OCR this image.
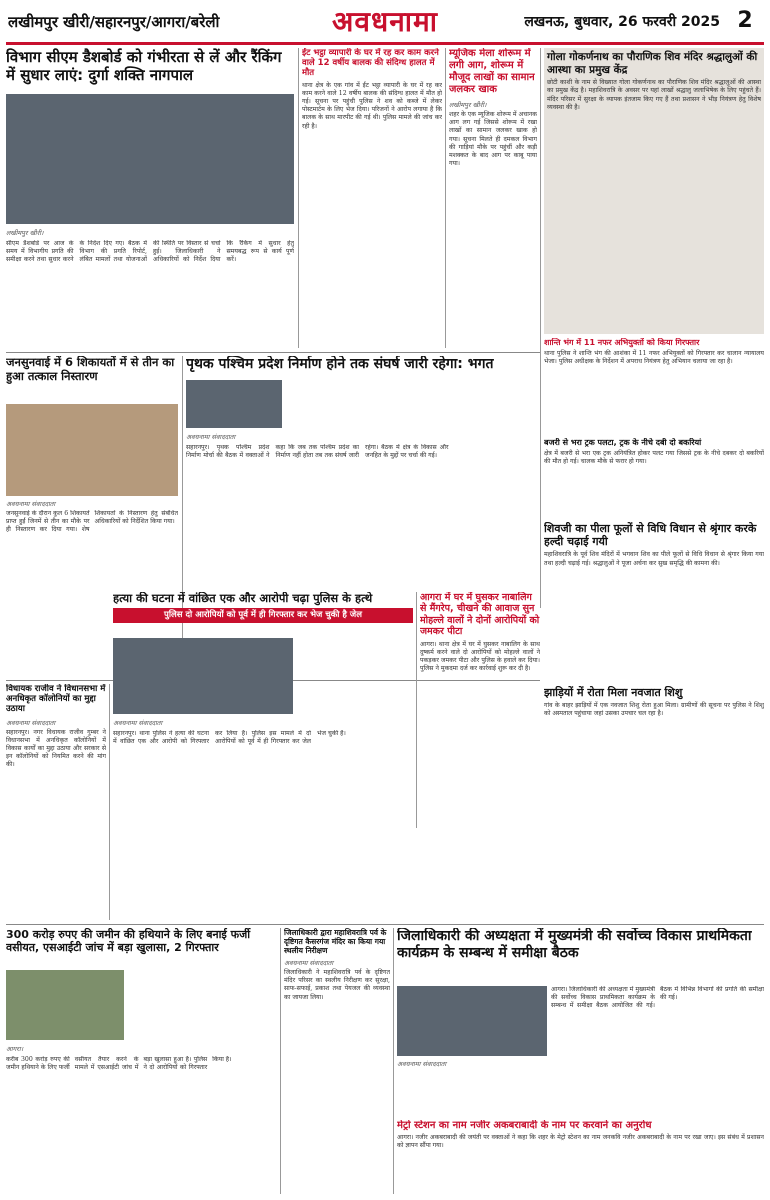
लखीमपुर खीरी/सहारनपुर/आगरा/बरेली	अवधनामा	लखनऊ, बुधवार, 26 फरवरी 2025 2
विभाग सीएम डैशबोर्ड को गंभीरता से लें और रैंकिंग में सुधार लाएं: दुर्गा शक्ति नागपाल
लखीमपुर खीरी।
सीएम डैशबोर्ड पर आज के समय में विभागीय प्रगति की समीक्षा करने तथा सुधार करने के निर्देश दिए गए। बैठक में विभाग की प्रगति रिपोर्ट, लंबित मामलों तथा योजनाओं की स्थिति पर विस्तार से चर्चा हुई। जिलाधिकारी ने अधिकारियों को निर्देश दिया कि रैंकिंग में सुधार हेतु समयबद्ध रूप से कार्य पूर्ण करें।
ईंट भट्ठा व्यापारी के घर में रह कर काम करने वाले 12 वर्षीय बालक की संदिग्ध हालत में मौत
थाना क्षेत्र के एक गांव में ईंट भट्ठा व्यापारी के घर में रह कर काम करने वाले 12 वर्षीय बालक की संदिग्ध हालत में मौत हो गई। सूचना पर पहुंची पुलिस ने शव को कब्जे में लेकर पोस्टमार्टम के लिए भेज दिया। परिजनों ने आरोप लगाया है कि बालक के साथ मारपीट की गई थी। पुलिस मामले की जांच कर रही है।
म्यूजिक मेला शोरूम में लगी आग, शोरूम में मौजूद लाखों का सामान जलकर खाक
लखीमपुर खीरी।
शहर के एक म्यूजिक शोरूम में अचानक आग लग गई जिससे शोरूम में रखा लाखों का सामान जलकर खाक हो गया। सूचना मिलते ही दमकल विभाग की गाड़ियां मौके पर पहुंचीं और कड़ी मशक्कत के बाद आग पर काबू पाया गया।
गोला गोकर्णनाथ का पौराणिक शिव मंदिर श्रद्धालुओं की आस्था का प्रमुख केंद्र
छोटी काशी के नाम से विख्यात गोला गोकर्णनाथ का पौराणिक शिव मंदिर श्रद्धालुओं की आस्था का प्रमुख केंद्र है। महाशिवरात्रि के अवसर पर यहां लाखों श्रद्धालु जलाभिषेक के लिए पहुंचते हैं। मंदिर परिसर में सुरक्षा के व्यापक इंतजाम किए गए हैं तथा प्रशासन ने भीड़ नियंत्रण हेतु विशेष व्यवस्था की है।
शान्ति भंग में 11 नफर अभियुक्तों को किया गिरफ्तार
थाना पुलिस ने शान्ति भंग की आशंका में 11 नफर अभियुक्तों को गिरफ्तार कर चालान न्यायालय भेजा। पुलिस अधीक्षक के निर्देशन में अपराध नियंत्रण हेतु अभियान चलाया जा रहा है।
बजरी से भरा ट्रक पलटा, ट्रक के नीचे दबी दो बकरियां
क्षेत्र में बजरी से भरा एक ट्रक अनियंत्रित होकर पलट गया जिससे ट्रक के नीचे दबकर दो बकरियों की मौत हो गई। चालक मौके से फरार हो गया।
शिवजी का पीला फूलों से विधि विधान से श्रृंगार करके हल्दी चढ़ाई गयी
महाशिवरात्रि के पूर्व शिव मंदिरों में भगवान शिव का पीले फूलों से विधि विधान से श्रृंगार किया गया तथा हल्दी चढ़ाई गई। श्रद्धालुओं ने पूजा अर्चना कर सुख समृद्धि की कामना की।
झाड़ियों में रोता मिला नवजात शिशु
गांव के बाहर झाड़ियों में एक नवजात शिशु रोता हुआ मिला। ग्रामीणों की सूचना पर पुलिस ने शिशु को अस्पताल पहुंचाया जहां उसका उपचार चल रहा है।
जनसुनवाई में 6 शिकायतों में से तीन का हुआ तत्काल निस्तारण
अवधनामा संवाददाता
जनसुनवाई के दौरान कुल 6 शिकायतें प्राप्त हुईं जिनमें से तीन का मौके पर ही निस्तारण कर दिया गया। शेष शिकायतों के निस्तारण हेतु संबंधित अधिकारियों को निर्देशित किया गया।
पृथक पश्चिम प्रदेश निर्माण होने तक संघर्ष जारी रहेगा: भगत
अवधनामा संवाददाता
सहारनपुर। पृथक पश्चिम प्रदेश निर्माण मोर्चा की बैठक में वक्ताओं ने कहा कि जब तक पश्चिम प्रदेश का निर्माण नहीं होता तब तक संघर्ष जारी रहेगा। बैठक में क्षेत्र के विकास और जनहित के मुद्दों पर चर्चा की गई।
विधायक राजीव ने विधानसभा में अनधिकृत कॉलोनियों का मुद्दा उठाया
अवधनामा संवाददाता
सहारनपुर। नगर विधायक राजीव गुम्बर ने विधानसभा में अनधिकृत कॉलोनियों में विकास कार्यों का मुद्दा उठाया और सरकार से इन कॉलोनियों को नियमित करने की मांग की।
हत्या की घटना में वांछित एक और आरोपी चढ़ा पुलिस के हत्थे
पुलिस दो आरोपियों को पूर्व में ही गिरफ्तार कर भेज चुकी है जेल
अवधनामा संवाददाता
सहारनपुर। थाना पुलिस ने हत्या की घटना में वांछित एक और आरोपी को गिरफ्तार कर लिया है। पुलिस इस मामले में दो आरोपियों को पूर्व में ही गिरफ्तार कर जेल भेज चुकी है।
आगरा में घर में घुसकर नाबालिग से मैंगरेप, चीखने की आवाज सुन मोहल्ले वालों ने दोनों आरोपियों को जमकर पीटा
आगरा। थाना क्षेत्र में घर में घुसकर नाबालिग के साथ दुष्कर्म करने वाले दो आरोपियों को मोहल्ले वालों ने पकड़कर जमकर पीटा और पुलिस के हवाले कर दिया। पुलिस ने मुकदमा दर्ज कर कार्रवाई शुरू कर दी है।
300 करोड़ रुपए की जमीन की हथियाने के लिए बनाई फर्जी वसीयत, एसआईटी जांच में बड़ा खुलासा, 2 गिरफ्तार
आगरा।
करीब 300 करोड़ रुपए की जमीन हथियाने के लिए फर्जी वसीयत तैयार करने के मामले में एसआईटी जांच में बड़ा खुलासा हुआ है। पुलिस ने दो आरोपियों को गिरफ्तार किया है।
जिलाधिकारी द्वारा महाशिवरात्रि पर्व के दृष्टिगत कैसरगंज मंदिर का किया गया स्थलीय निरीक्षण
अवधनामा संवाददाता
जिलाधिकारी ने महाशिवरात्रि पर्व के दृष्टिगत मंदिर परिसर का स्थलीय निरीक्षण कर सुरक्षा, साफ-सफाई, प्रकाश तथा पेयजल की व्यवस्था का जायजा लिया।
जिलाधिकारी की अध्यक्षता में मुख्यमंत्री की सर्वोच्च विकास प्राथमिकता कार्यक्रम के सम्बन्ध में समीक्षा बैठक
अवधनामा संवाददाता
आगरा। जिलाधिकारी की अध्यक्षता में मुख्यमंत्री की सर्वोच्च विकास प्राथमिकता कार्यक्रम के सम्बन्ध में समीक्षा बैठक आयोजित की गई। बैठक में विभिन्न विभागों की प्रगति की समीक्षा की गई।
मेट्रो स्टेशन का नाम नजीर अकबराबादी के नाम पर करवाने का अनुरोध
आगरा। नजीर अकबराबादी की जयंती पर वक्ताओं ने कहा कि शहर के मेट्रो स्टेशन का नाम जनकवि नजीर अकबराबादी के नाम पर रखा जाए। इस संबंध में प्रशासन को ज्ञापन सौंपा गया।
